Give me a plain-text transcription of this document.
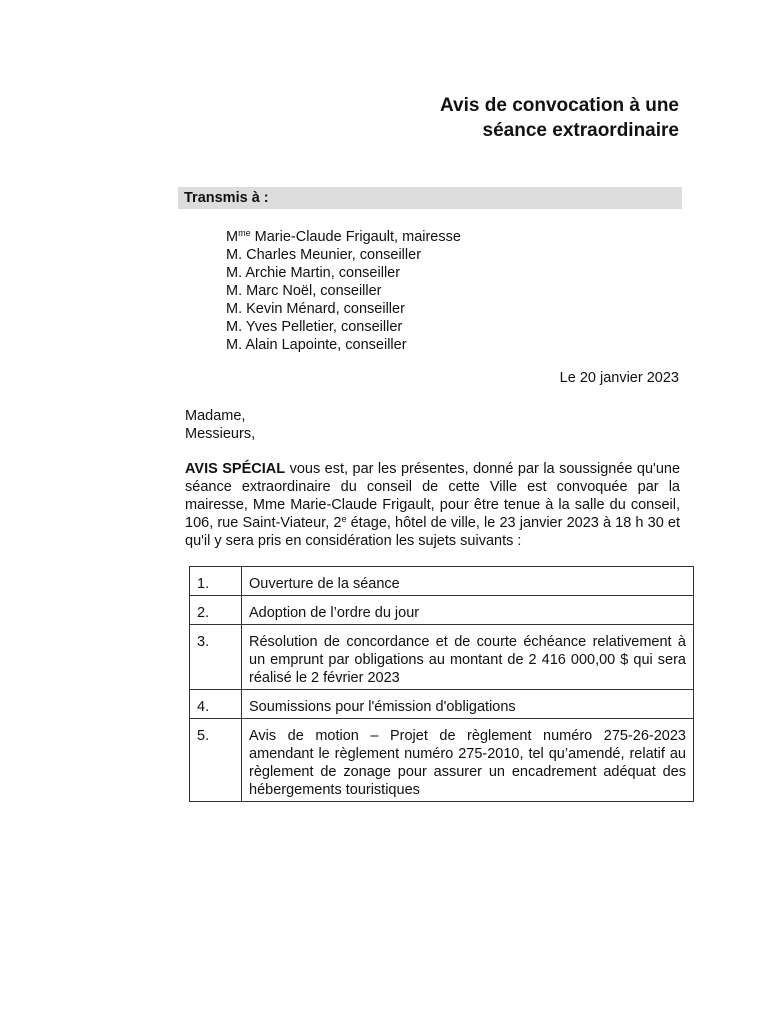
Avis de convocation à une
séance extraordinaire
Transmis à :
$M^{me}$ Marie-Claude Frigault, mairesse
M. Charles Meunier, conseiller
M. Archie Martin, conseiller
M. Marc Noël, conseiller
M. Kevin Ménard, conseiller
M. Yves Pelletier, conseiller
M. Alain Lapointe, conseiller
Le 20 janvier 2023
Madame,
Messieurs,
AVIS SPÉCIAL vous est, par les présentes, donné par la soussignée qu'une séance extraordinaire du conseil de cette Ville est convoquée par la mairesse, Mme Marie-Claude Frigault, pour être tenue à la salle du conseil, 106, rue Saint-Viateur, 2e étage, hôtel de ville, le 23 janvier 2023 à 18 h 30 et qu'il y sera pris en considération les sujets suivants :
1.	Ouverture de la séance
2.	Adoption de l’ordre du jour
3.	Résolution de concordance et de courte échéance relativement à un emprunt par obligations au montant de 2 416 000,00 $ qui sera réalisé le 2 février 2023
4.	Soumissions pour l'émission d'obligations
5.	Avis de motion – Projet de règlement numéro 275-26-2023 amendant le règlement numéro 275-2010, tel qu’amendé, relatif au règlement de zonage pour assurer un encadrement adéquat des hébergements touristiques
